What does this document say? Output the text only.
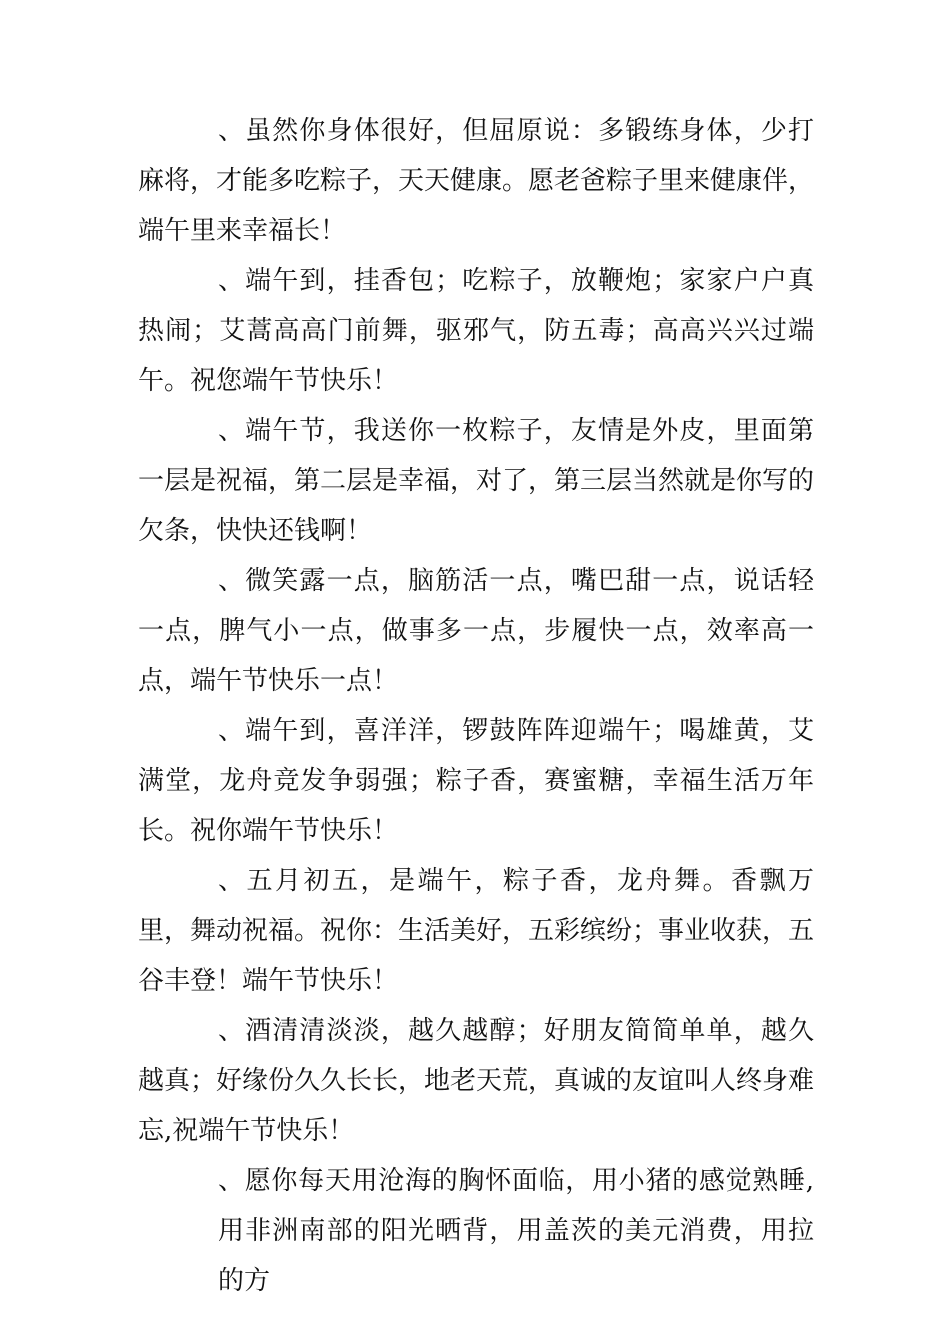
、虽然你身体很好，但屈原说：多锻练身体，少打麻将，才能多吃粽子，天天健康。愿老爸粽子里来健康伴，端午里来幸福长！

、端午到，挂香包；吃粽子，放鞭炮；家家户户真热闹；艾蒿高高门前舞，驱邪气，防五毒；高高兴兴过端午。祝您端午节快乐！

、端午节，我送你一枚粽子，友情是外皮，里面第一层是祝福，第二层是幸福，对了，第三层当然就是你写的欠条，快快还钱啊！

、微笑露一点，脑筋活一点，嘴巴甜一点，说话轻一点，脾气小一点，做事多一点，步履快一点，效率高一点，端午节快乐一点！

、端午到，喜洋洋，锣鼓阵阵迎端午；喝雄黄，艾满堂，龙舟竞发争弱强；粽子香，赛蜜糖，幸福生活万年长。祝你端午节快乐！

、五月初五，是端午，粽子香，龙舟舞。香飘万里，舞动祝福。祝你：生活美好，五彩缤纷；事业收获，五谷丰登！端午节快乐！

、酒清清淡淡，越久越醇；好朋友简简单单，越久越真；好缘份久久长长，地老天荒，真诚的友谊叫人终身难忘,祝端午节快乐！

、愿你每天用沧海的胸怀面临，用小猪的感觉熟睡,用非洲南部的阳光晒背，用盖茨的美元消费，用拉的方
